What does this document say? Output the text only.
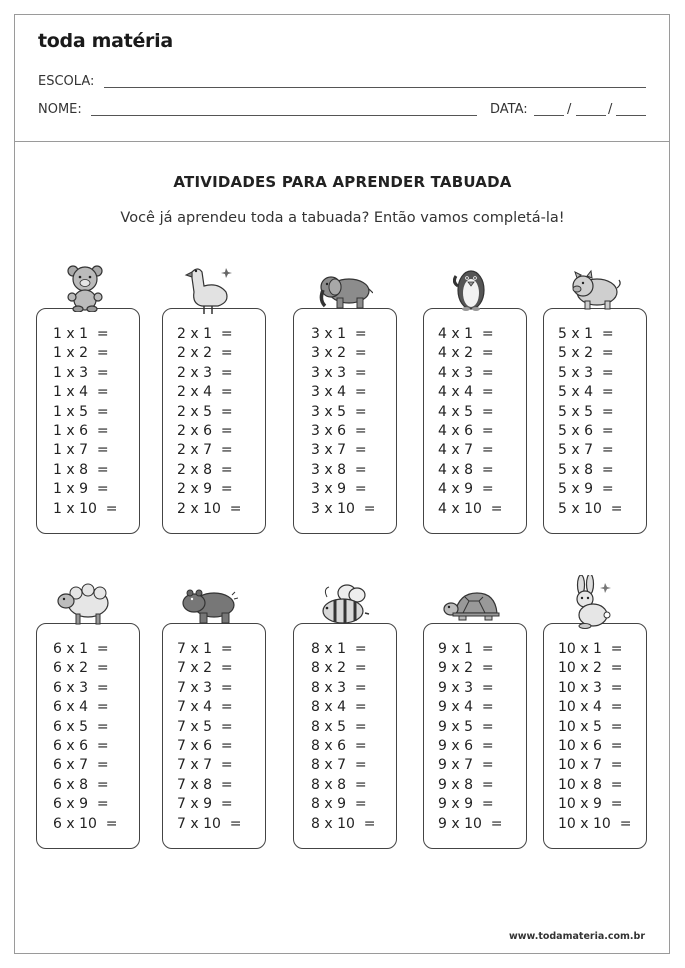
toda matéria
ESCOLA:
NOME:	DATA:	/	/
ATIVIDADES PARA APRENDER TABUADA
Você já aprendeu toda a tabuada? Então vamos completá-la!
1 x 1  =
1 x 2  =
1 x 3  =
1 x 4  =
1 x 5  =
1 x 6  =
1 x 7  =
1 x 8  =
1 x 9  =
1 x 10  =
2 x 1  =
2 x 2  =
2 x 3  =
2 x 4  =
2 x 5  =
2 x 6  =
2 x 7  =
2 x 8  =
2 x 9  =
2 x 10  =
3 x 1  =
3 x 2  =
3 x 3  =
3 x 4  =
3 x 5  =
3 x 6  =
3 x 7  =
3 x 8  =
3 x 9  =
3 x 10  =
4 x 1  =
4 x 2  =
4 x 3  =
4 x 4  =
4 x 5  =
4 x 6  =
4 x 7  =
4 x 8  =
4 x 9  =
4 x 10  =
5 x 1  =
5 x 2  =
5 x 3  =
5 x 4  =
5 x 5  =
5 x 6  =
5 x 7  =
5 x 8  =
5 x 9  =
5 x 10  =
6 x 1  =
6 x 2  =
6 x 3  =
6 x 4  =
6 x 5  =
6 x 6  =
6 x 7  =
6 x 8  =
6 x 9  =
6 x 10  =
7 x 1  =
7 x 2  =
7 x 3  =
7 x 4  =
7 x 5  =
7 x 6  =
7 x 7  =
7 x 8  =
7 x 9  =
7 x 10  =
8 x 1  =
8 x 2  =
8 x 3  =
8 x 4  =
8 x 5  =
8 x 6  =
8 x 7  =
8 x 8  =
8 x 9  =
8 x 10  =
9 x 1  =
9 x 2  =
9 x 3  =
9 x 4  =
9 x 5  =
9 x 6  =
9 x 7  =
9 x 8  =
9 x 9  =
9 x 10  =
10 x 1  =
10 x 2  =
10 x 3  =
10 x 4  =
10 x 5  =
10 x 6  =
10 x 7  =
10 x 8  =
10 x 9  =
10 x 10  =
www.todamateria.com.br
